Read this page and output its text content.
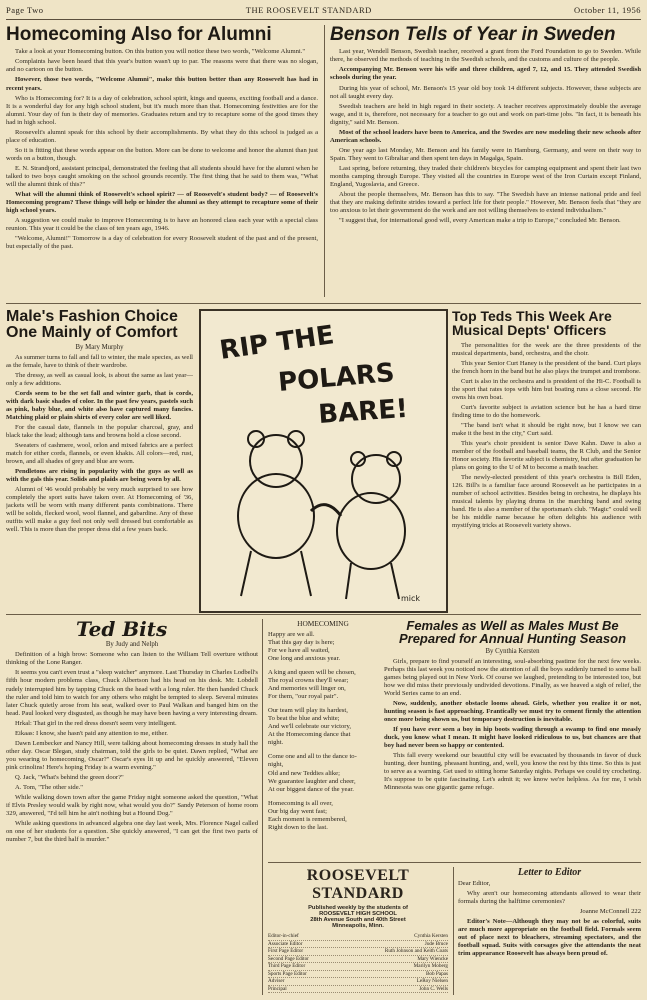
Page Two	THE ROOSEVELT STANDARD	October 11, 1956
Homecoming Also for Alumni

Take a look at your Homecoming button. On this button you will notice these two words, "Welcome Alumni."

Complaints have been heard that this year's button wasn't up to par. The reasons were that there was no slogan, and no cartoon on the button.

However, those two words, "Welcome Alumni", make this button better than any Roosevelt has had in recent years.

Who is Homecoming for? It is a day of celebration, school spirit, kings and queens, exciting football and a dance. It is a wonderful day for any high school student, but it's much more than that. Homecoming festivities are for the alumni. Your day of fun is their day of memories. Graduates return and try to recapture some of the good times they had in high school.

Roosevelt's alumni speak for this school by their accomplishments. By what they do this school is judged as a place of education.

So it is fitting that these words appear on the button. More can be done to welcome and honor the alumni than just words on a button, though.

E. N. Strandjord, assistant principal, demonstrated the feeling that all students should have for the alumni when he talked to two boys caught smoking on the school grounds recently. The first thing that he said to them was, "What will the alumni think of this?"

What will the alumni think of Roosevelt's school spirit? — of Roosevelt's student body? — of Roosevelt's Homecoming program? These things will help or hinder the alumni as they attempt to recapture some of their high school years.

A suggestion we could make to improve Homecoming is to have an honored class each year with a special class reunion. This year it could be the class of ten years ago, 1946.

"Welcome, Alumni!" Tomorrow is a day of celebration for every Roosevelt student of the past and of the present, but especially of the past.

Benson Tells of Year in Sweden

Last year, Wendell Benson, Swedish teacher, received a grant from the Ford Foundation to go to Sweden. While there, he observed the methods of teaching in the Swedish schools, and the customs and culture of the people.

Accompanying Mr. Benson were his wife and three children, aged 7, 12, and 15. They attended Swedish schools during the year.

During his year of school, Mr. Benson's 15 year old boy took 14 different subjects. However, these subjects are not all taught every day.

Swedish teachers are held in high regard in their society. A teacher receives approximately double the average wage, and it is, therefore, not necessary for a teacher to go out and work on part-time jobs. "In fact, it is beneath his dignity," said Mr. Benson.

Most of the school leaders have been to America, and the Swedes are now modeling their new schools after American schools.

One year ago last Monday, Mr. Benson and his family were in Hamburg, Germany, and were on their way to Spain. They went to Gibraltar and then spent ten days in Magalga, Spain.

Last spring, before returning, they traded their children's bicycles for camping equipment and spent their last two months camping through Europe. They visited all the countries in Europe west of the Iron Curtain except Finland, England, Yugoslavia, and Greece.

About the people themselves, Mr. Benson has this to say. "The Swedish have an intense national pride and feel that they are making definite strides toward a perfect life for their people." However, Mr. Benson feels that "they are too anxious to let their government do the work and are not willing themselves to extend individualism."

"I suggest that, for international good will, every American make a trip to Europe," concluded Mr. Benson.

Male's Fashion Choice One Mainly of Comfort
By Mary Murphy

As summer turns to fall and fall to winter, the male species, as well as the female, have to think of their wardrobe.

The dressy, as well as casual look, is about the same as last year—only a few additions.

Cords seem to be the set fall and winter garb, that is cords, with dark basic shades of color. In the past few years, pastels such as pink, baby blue, and white also have captured many fancies. Matching plaid or plain shirts of every color are well liked.

For the casual date, flannels in the popular charcoal, gray, and black take the lead; although tans and browns hold a close second.

Sweaters of cashmere, wool, orlon and mixed fabrics are a perfect match for either cords, flannels, or even khakis. All colors—red, rust, brown, and all shades of grey and blue are worn.

Pendletons are rising in popularity with the guys as well as with the gals this year. Solids and plaids are being worn by all.

Alumni of '46 would probably be very much surprised to see how completely the sport suits have taken over. At Homecoming of '36, jackets will be worn with many different pants combinations. There will be solids, flecked wool, wool flannel, and gabardine. Any of these outfits will make a guy feel not only well dressed but comfortable as well. This is more than the proper dress did a few years back.

RIP THE
POLARS
BARE!
mick
Top Teds This Week Are Musical Depts' Officers

The personalities for the week are the three presidents of the musical departments, band, orchestra, and the choir.

This year Senior Curt Haney is the president of the band. Curt plays the french horn in the band but he also plays the trumpet and trombone.

Curt is also in the orchestra and is president of the Hi-C. Football is the sport that rates tops with him but boating runs a close second. He owns his own boat.

Curt's favorite subject is aviation science but he has a hard time finding time to do the homework.

"The band isn't what it should be right now, but I know we can make it the best in the city," Curt said.

This year's choir president is senior Dave Kahn. Dave is also a member of the football and baseball teams, the R Club, and the Senior Honor society. His favorite subject is chemistry, but after graduation he plans on going to the U of M to become a math teacher.

The newly-elected president of this year's orchestra is Bill Eden, 126. Bill's is a familiar face around Roosevelt as he participates in a number of school activities. Besides being in orchestra, he displays his musical talents by playing drums in the marching band and swing band. He is also a member of the sportsman's club. "Magic" could well be his middle name because he often delights his audience with mystifying tricks at Roosevelt variety shows.

Ted Bits
By Judy and Nelph

Definition of a high brow: Someone who can listen to the William Tell overture without thinking of the Lone Ranger.

It seems you can't even trust a "sleep watcher" anymore. Last Thursday in Charles Lodbell's fifth hour modern problems class, Chuck Albertson had his head on his desk. Mr. Lobdell rudely interrupted him by tapping Chuck on the head with a long ruler. He then handed Chuck the ruler and told him to watch for any others who might be tempted to sleep. Several minutes later Chuck quietly arose from his seat, walked over to Paul Walkan and banged him on the head. Paul looked very disgusted, as though he may have been having a very interesting dream.

Hrkal: That girl in the red dress doesn't seem very intelligent.

Eikaas: I know, she hasn't paid any attention to me, either.

Dawn Lembecker and Nancy Hill, were talking about homecoming dresses in study hall the other day. Oscar Blegan, study chairman, told the girls to be quiet. Dawn replied, "What are you wearing to homecoming, Oscar?" Oscar's eyes lit up and he quickly answered, "Eleven pink crinolins! Here's hoping Friday is a warm evening."

Q. Jack, "What's behind the green door?"

A. Tom, "The other side."

While walking down town after the game Friday night someone asked the question, "What if Elvis Presley would walk by right now, what would you do?" Sandy Peterson of home room 329, answered, "I'd tell him he ain't nothing but a Hound Dog."

While asking questions in advanced algebra one day last week, Mrs. Florence Nagel called on one of her students for a question. She quickly answered, "I can get the first two parts of number 7, but the third half is murder."

HOMECOMING
Happy are we all.
That this gay day is here;
For we have all waited,
One long and anxious year.
A king and queen will be chosen,
The royal crowns they'll wear;
And memories will linger on,
For them, "our royal pair".
Our team will play its hardest,
To beat the blue and white;
And we'll celebrate our victory,
At the Homecoming dance that
night.
Come one and all to the dance to-
night,
Old and new Teddies alike;
We guarantee laughter and cheer,
At our biggest dance of the year.
Homecoming is all over,
Our big day went fast;
Each moment is remembered,
Right down to the last.
Females as Well as Males Must Be Prepared for Annual Hunting Season
By Cynthia Kersten

Girls, prepare to find yourself an interesting, soul-absorbing pastime for the next few weeks. Perhaps this last week you noticed now the attention of all the boys suddenly turned to some ball games being played out in New York. Of course we laughed, pretending to be interested too, but how we did miss their previously undivided devotions. Finally, as we heaved a sigh of relief, the World Series came to an end.

Now, suddenly, another obstacle looms ahead. Girls, whether you realize it or not, hunting season is fast approaching. Frantically we must try to cement firmly the attention once more being shown us, but temporary destruction is inevitable.

If you have ever seen a boy in hip boots wading through a swamp to find one measly duck, you know what I mean. It might have looked ridiculous to us, but chances are that boy had never been so happy or contented.

This fall every weekend our beautiful city will be evacuated by thousands in favor of duck hunting, deer hunting, pheasant hunting, and, well, you know the rest by this time. So this is just to serve as a warning. Get used to sitting home Saturday nights. Perhaps we could try crocheting. It's suppose to be quite fascinating. Let's admit it; we know we're helpless. As for me, I wish Minnesota was one gigantic game refuge.

ROOSEVELT STANDARD
Published weekly by the students of
ROOSEVELT HIGH SCHOOL
28th Avenue South and 40th Street
Minneapolis, Minn.
Editor-in-chief	Cynthia Kersten
Associate Editor	Jude Bruce
First Page Editor	Ruth Johnson and Keith Coats
Second Page Editor	Mary Wiencke
Third Page Editor	Marilyn Moberg
Sports Page Editor	Bob Papas
Adviser	LeRoy Nielsen
Principal	John C. Wells
Letter to Editor

Dear Editor,

Why aren't our homecoming attendants allowed to wear their formals during the halftime ceremonies?

Joanne McConnell 222

Editor's Note—Although they may not be as colorful, suits are much more appropriate on the football field. Formals seem out of place next to bleachers, streaming spectators, and the football squad. Suits with corsages give the attendants the neat trim appearance Roosevelt has always been proud of.
